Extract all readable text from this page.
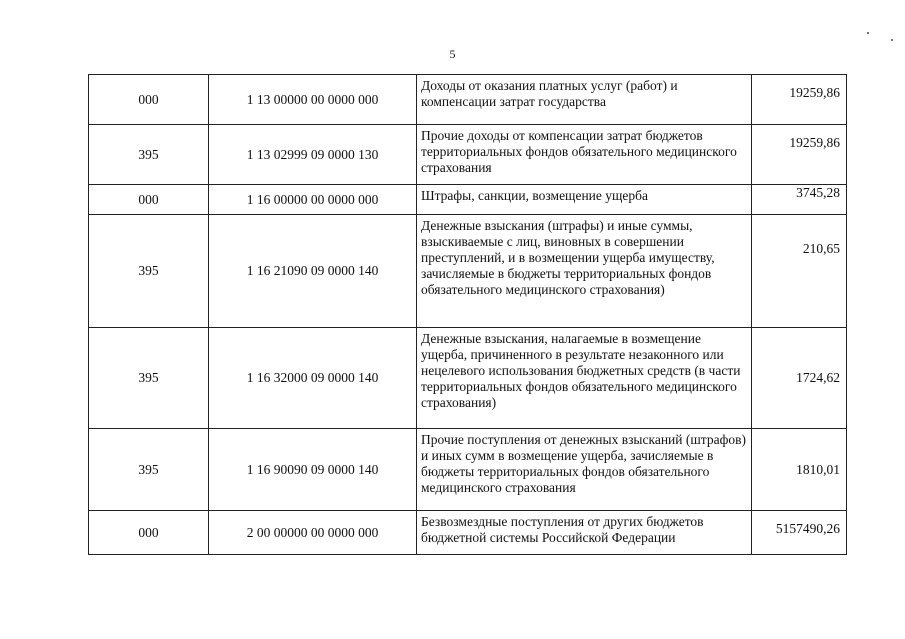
5
000	1 13 00000 00 0000 000	Доходы от оказания платных услуг (работ) и компенсации затрат государства	19259,86
395	1 13 02999 09 0000 130	Прочие доходы от компенсации затрат бюджетов территориальных фондов обязательного медицинского страхования	19259,86
000	1 16 00000 00 0000 000	Штрафы, санкции, возмещение ущерба	3745,28
395	1 16 21090 09 0000 140	Денежные взыскания (штрафы) и иные суммы, взыскиваемые с лиц, виновных в совершении преступлений, и в возмещении ущерба имуществу, зачисляемые в бюджеты территориальных фондов обязательного медицинского страхования)	210,65
395	1 16 32000 09 0000 140	Денежные взыскания, налагаемые в возмещение ущерба, причиненного в результате незаконного или нецелевого использования бюджетных средств (в части территориальных фондов обязательного медицинского страхования)	1724,62
395	1 16 90090 09 0000 140	Прочие поступления от денежных взысканий (штрафов) и иных сумм в возмещение ущерба, зачисляемые в бюджеты территориальных фондов обязательного медицинского страхования	1810,01
000	2 00 00000 00 0000 000	Безвозмездные поступления от других бюджетов бюджетной системы Российской Федерации	5157490,26
